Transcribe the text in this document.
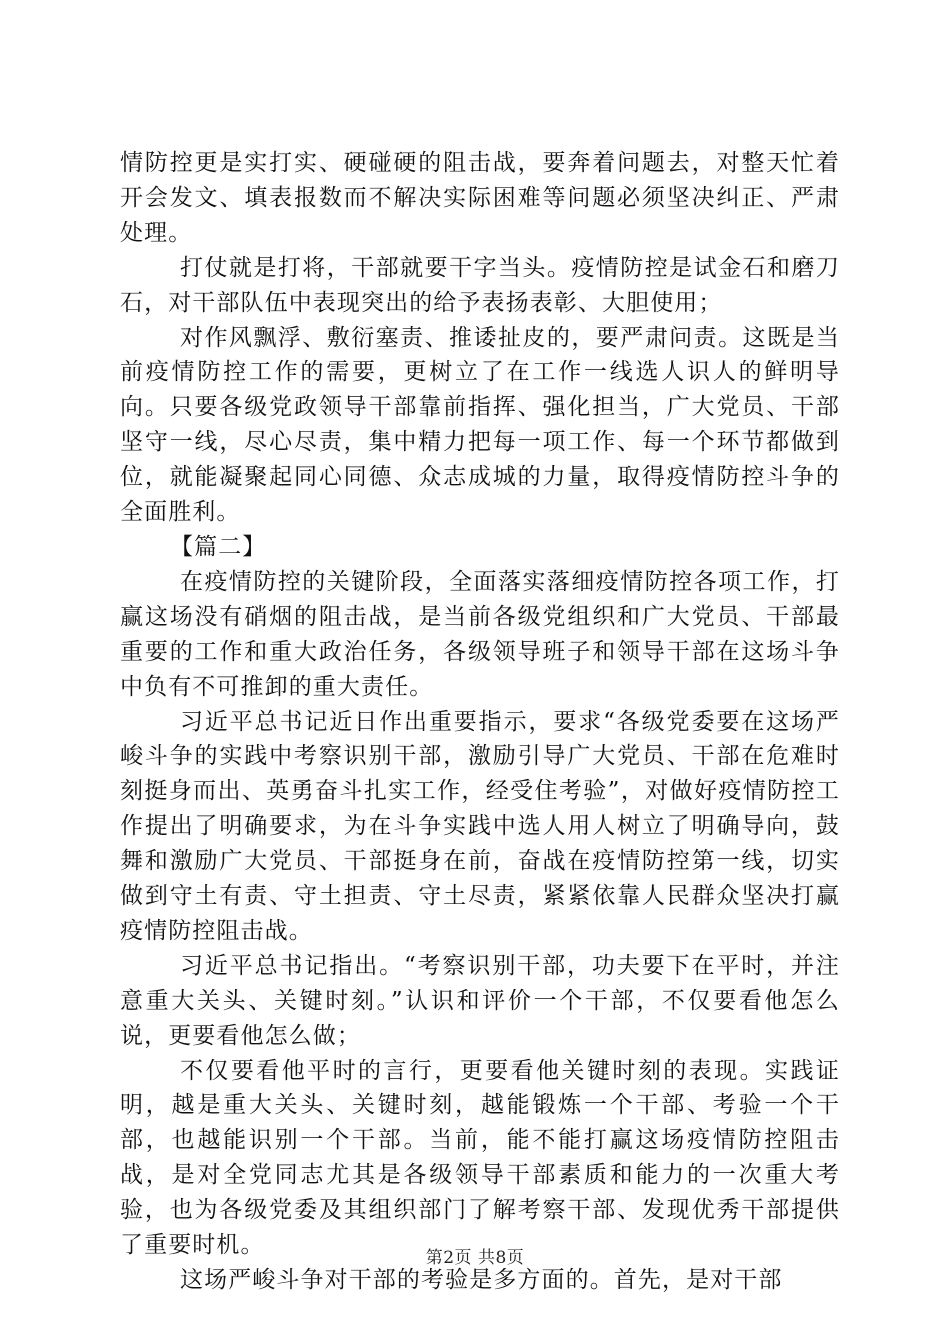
情防控更是实打实、硬碰硬的阻击战，要奔着问题去，对整天忙着开会发文、填表报数而不解决实际困难等问题必须坚决纠正、严肃处理。

打仗就是打将，干部就要干字当头。疫情防控是试金石和磨刀石，对干部队伍中表现突出的给予表扬表彰、大胆使用；

对作风飘浮、敷衍塞责、推诿扯皮的，要严肃问责。这既是当前疫情防控工作的需要，更树立了在工作一线选人识人的鲜明导向。只要各级党政领导干部靠前指挥、强化担当，广大党员、干部坚守一线，尽心尽责，集中精力把每一项工作、每一个环节都做到位，就能凝聚起同心同德、众志成城的力量，取得疫情防控斗争的全面胜利。

【篇二】

在疫情防控的关键阶段，全面落实落细疫情防控各项工作，打赢这场没有硝烟的阻击战，是当前各级党组织和广大党员、干部最重要的工作和重大政治任务，各级领导班子和领导干部在这场斗争中负有不可推卸的重大责任。

习近平总书记近日作出重要指示，要求“各级党委要在这场严峻斗争的实践中考察识别干部，激励引导广大党员、干部在危难时刻挺身而出、英勇奋斗扎实工作，经受住考验”，对做好疫情防控工作提出了明确要求，为在斗争实践中选人用人树立了明确导向，鼓舞和激励广大党员、干部挺身在前，奋战在疫情防控第一线，切实做到守土有责、守土担责、守土尽责，紧紧依靠人民群众坚决打赢疫情防控阻击战。

习近平总书记指出。“考察识别干部，功夫要下在平时，并注意重大关头、关键时刻。”认识和评价一个干部，不仅要看他怎么说，更要看他怎么做；

不仅要看他平时的言行，更要看他关键时刻的表现。实践证明，越是重大关头、关键时刻，越能锻炼一个干部、考验一个干部，也越能识别一个干部。当前，能不能打赢这场疫情防控阻击战，是对全党同志尤其是各级领导干部素质和能力的一次重大考验，也为各级党委及其组织部门了解考察干部、发现优秀干部提供了重要时机。

这场严峻斗争对干部的考验是多方面的。首先，是对干部

第2页 共8页
